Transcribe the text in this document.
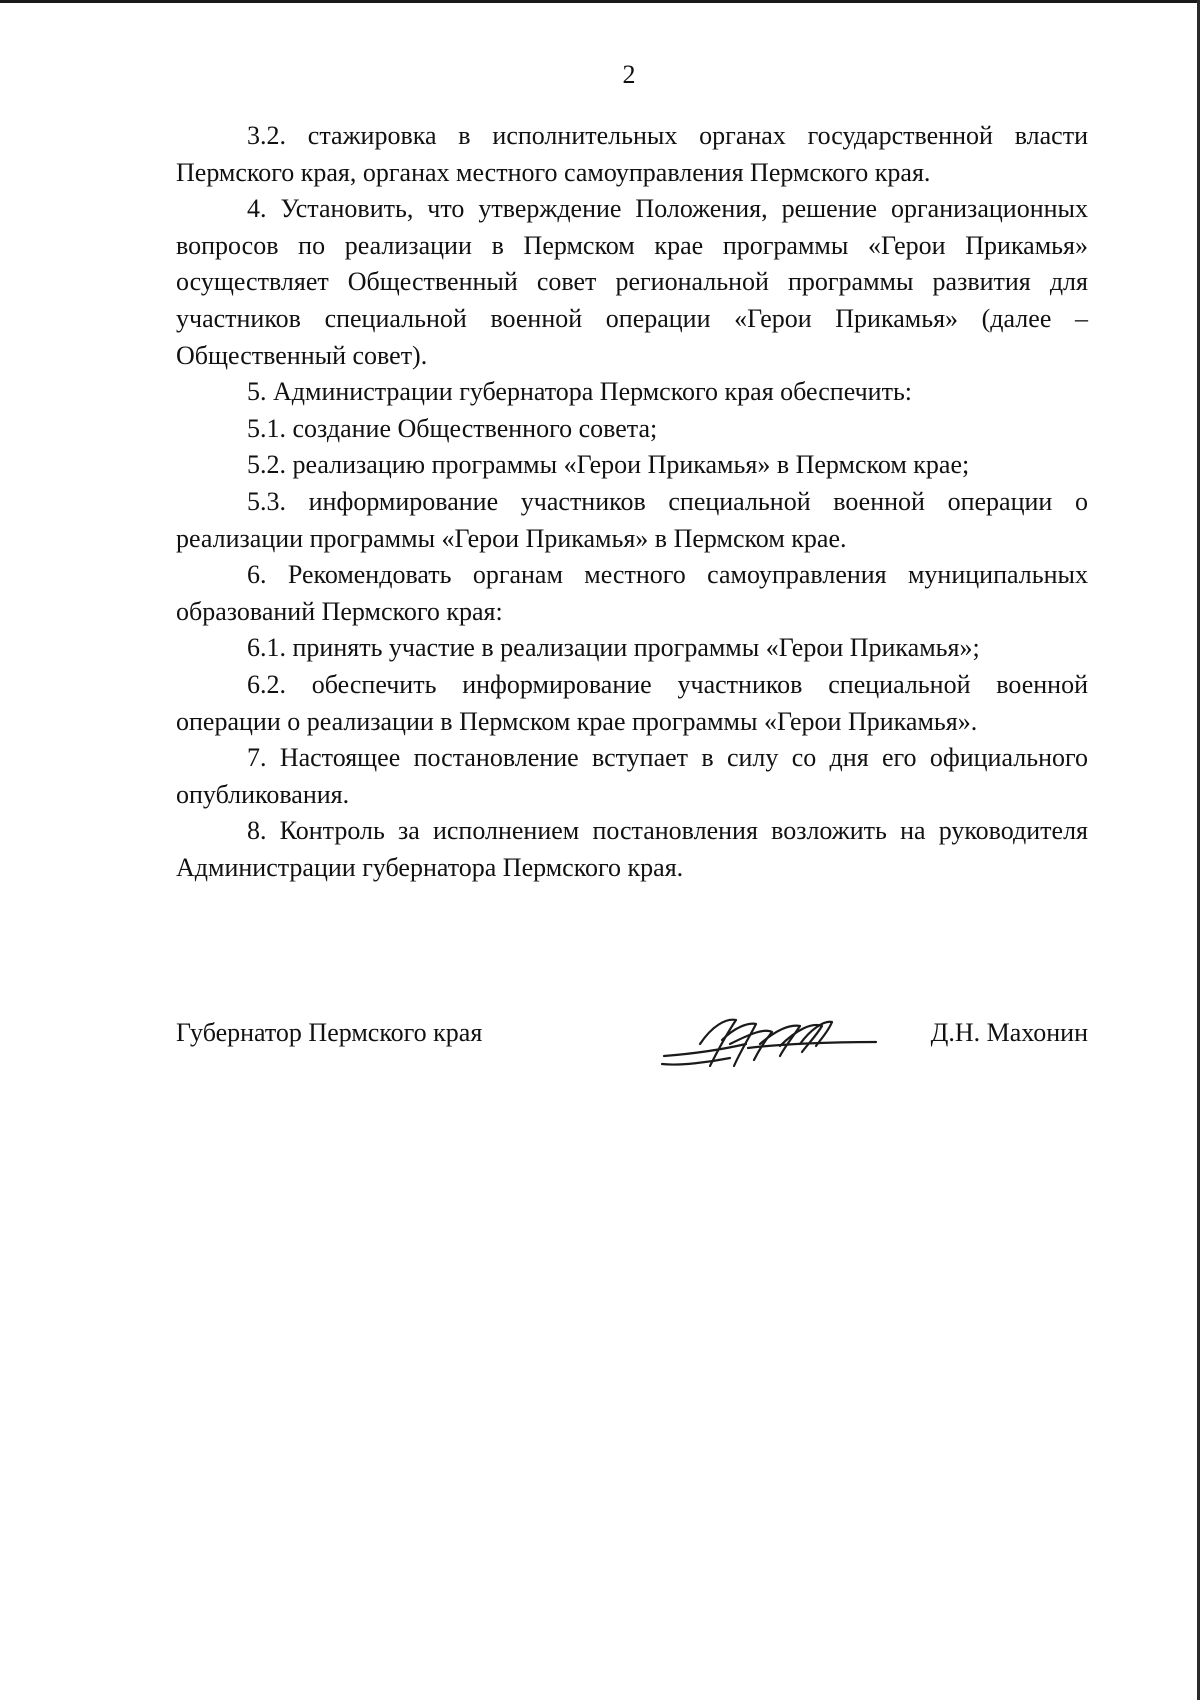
2

3.2. стажировка в исполнительных органах государственной власти Пермского края, органах местного самоуправления Пермского края.

4. Установить, что утверждение Положения, решение организационных вопросов по реализации в Пермском крае программы «Герои Прикамья» осуществляет Общественный совет региональной программы развития для участников специальной военной операции «Герои Прикамья» (далее – Общественный совет).

5. Администрации губернатора Пермского края обеспечить:

5.1. создание Общественного совета;

5.2. реализацию программы «Герои Прикамья» в Пермском крае;

5.3. информирование участников специальной военной операции о реализации программы «Герои Прикамья» в Пермском крае.

6. Рекомендовать органам местного самоуправления муниципальных образований Пермского края:

6.1. принять участие в реализации программы «Герои Прикамья»;

6.2. обеспечить информирование участников специальной военной операции о реализации в Пермском крае программы «Герои Прикамья».

7. Настоящее постановление вступает в силу со дня его официального опубликования.

8. Контроль за исполнением постановления возложить на руководителя Администрации губернатора Пермского края.

Губернатор Пермского края	Д.Н. Махонин
